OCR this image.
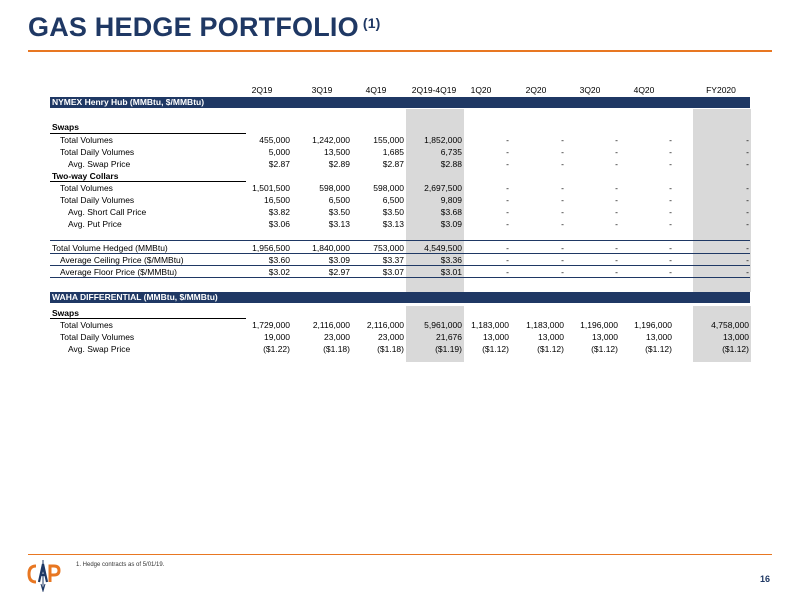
GAS HEDGE PORTFOLIO $^{(1)}$
2Q19	3Q19	4Q19	2Q19-4Q19	1Q20	2Q20	3Q20	4Q20	FY2020
NYMEX Henry Hub (MMBtu, $/MMBtu)
Swaps
Total Volumes	455,000	1,242,000	155,000	1,852,000	-	-	-	-	-
Total Daily Volumes	5,000	13,500	1,685	6,735	-	-	-	-	-
Avg. Swap Price	$2.87	$2.89	$2.87	$2.88	-	-	-	-	-
Two-way Collars
Total Volumes	1,501,500	598,000	598,000	2,697,500	-	-	-	-	-
Total Daily Volumes	16,500	6,500	6,500	9,809	-	-	-	-	-
Avg. Short Call Price	$3.82	$3.50	$3.50	$3.68	-	-	-	-	-
Avg. Put Price	$3.06	$3.13	$3.13	$3.09	-	-	-	-	-
Total Volume Hedged (MMBtu)	1,956,500	1,840,000	753,000	4,549,500	-	-	-	-	-
Average Ceiling Price ($/MMBtu)	$3.60	$3.09	$3.37	$3.36	-	-	-	-	-
Average Floor Price ($/MMBtu)	$3.02	$2.97	$3.07	$3.01	-	-	-	-	-
WAHA DIFFERENTIAL (MMBtu, $/MMBtu)
Swaps
Total Volumes	1,729,000	2,116,000	2,116,000	5,961,000	1,183,000	1,183,000	1,196,000	1,196,000	4,758,000
Total Daily Volumes	19,000	23,000	23,000	21,676	13,000	13,000	13,000	13,000	13,000
Avg. Swap Price	($1.22)	($1.18)	($1.18)	($1.19)	($1.12)	($1.12)	($1.12)	($1.12)	($1.12)
1. Hedge contracts as of 5/01/19.
16
